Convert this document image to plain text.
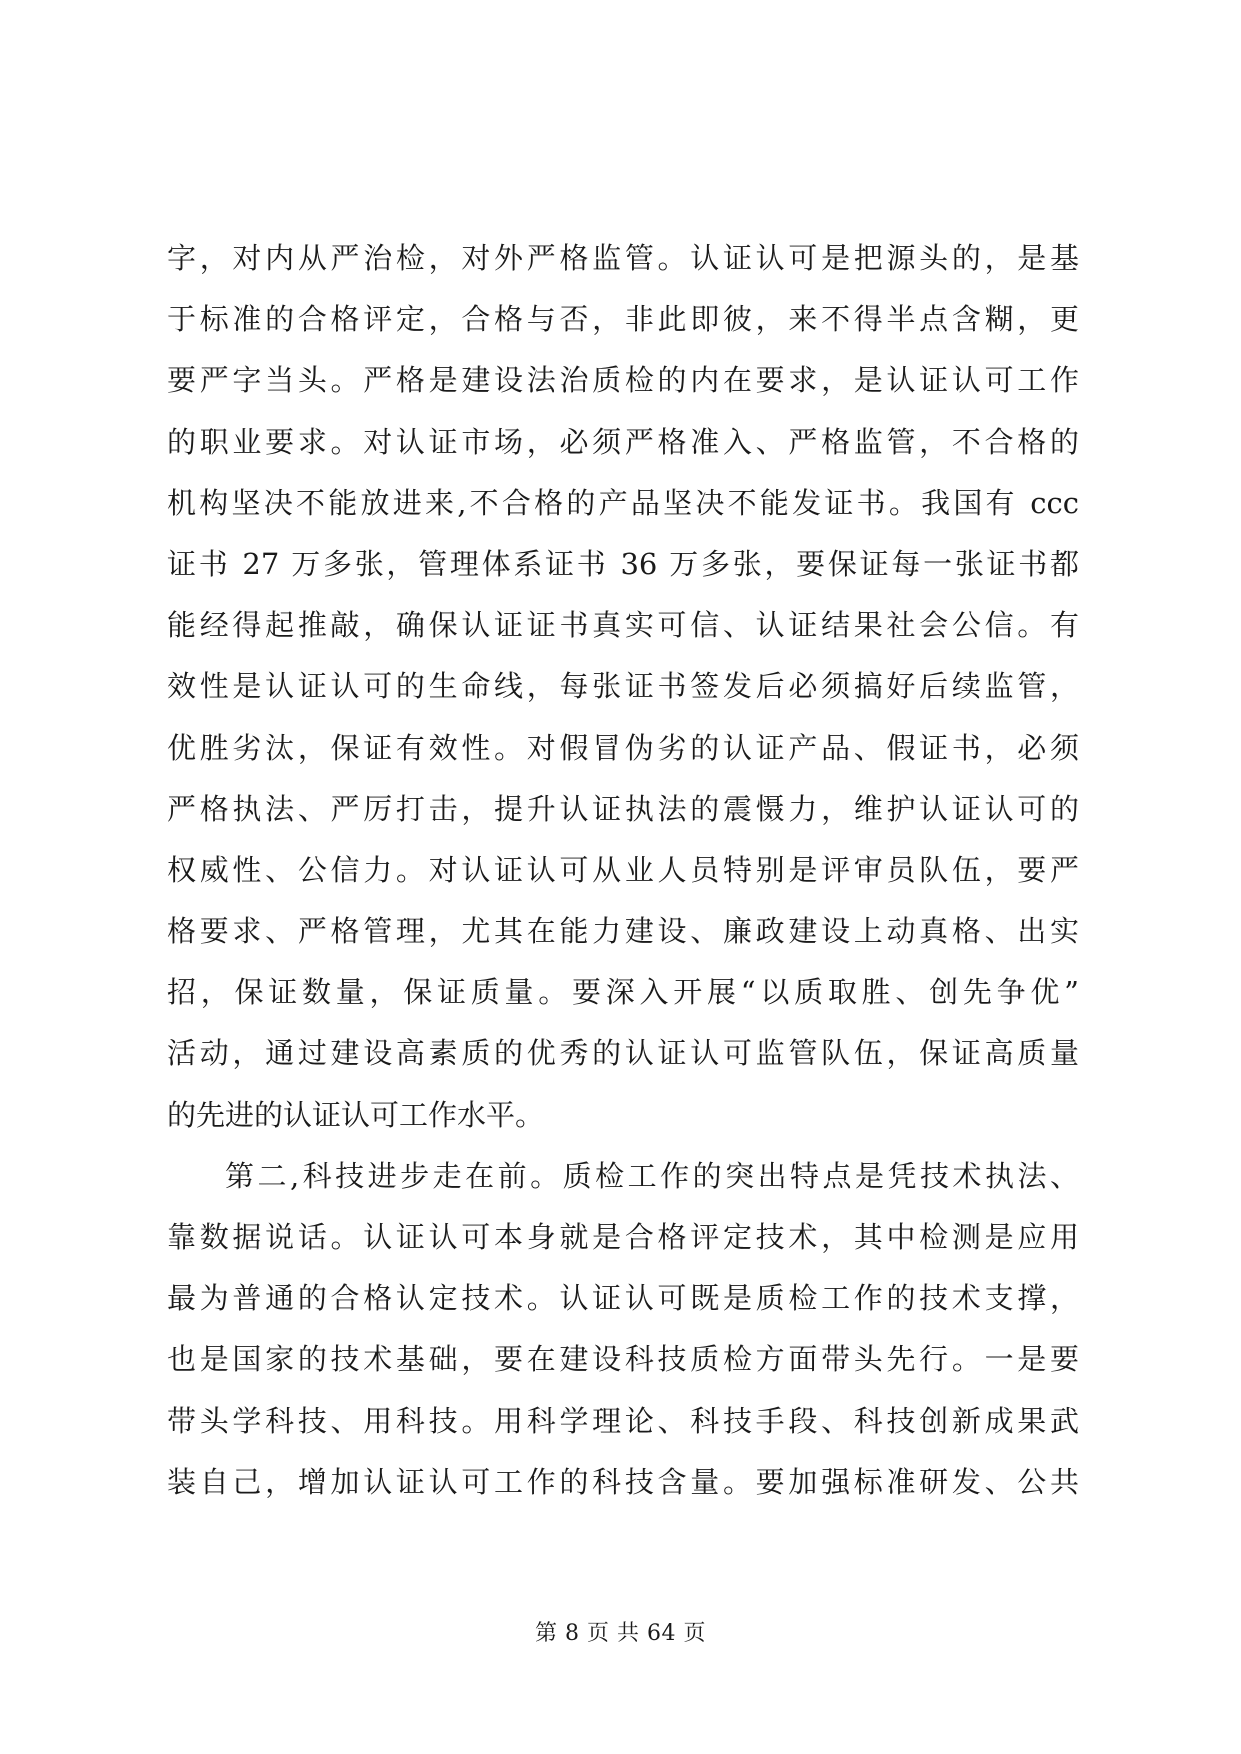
字，对内从严治检，对外严格监管。认证认可是把源头的，是基
于标准的合格评定，合格与否，非此即彼，来不得半点含糊，更
要严字当头。严格是建设法治质检的内在要求，是认证认可工作
的职业要求。对认证市场，必须严格准入、严格监管，不合格的
机构坚决不能放进来,不合格的产品坚决不能发证书。我国有 ccc
证书 27 万多张，管理体系证书 36 万多张，要保证每一张证书都
能经得起推敲，确保认证证书真实可信、认证结果社会公信。有
效性是认证认可的生命线，每张证书签发后必须搞好后续监管，
优胜劣汰，保证有效性。对假冒伪劣的认证产品、假证书，必须
严格执法、严厉打击，提升认证执法的震慑力，维护认证认可的
权威性、公信力。对认证认可从业人员特别是评审员队伍，要严
格要求、严格管理，尤其在能力建设、廉政建设上动真格、出实
招，保证数量，保证质量。要深入开展“以质取胜、创先争优”
活动，通过建设高素质的优秀的认证认可监管队伍，保证高质量
的先进的认证认可工作水平。
第二,科技进步走在前。质检工作的突出特点是凭技术执法、
靠数据说话。认证认可本身就是合格评定技术，其中检测是应用
最为普通的合格认定技术。认证认可既是质检工作的技术支撑，
也是国家的技术基础，要在建设科技质检方面带头先行。一是要
带头学科技、用科技。用科学理论、科技手段、科技创新成果武
装自己，增加认证认可工作的科技含量。要加强标准研发、公共
第 8 页 共 64 页
